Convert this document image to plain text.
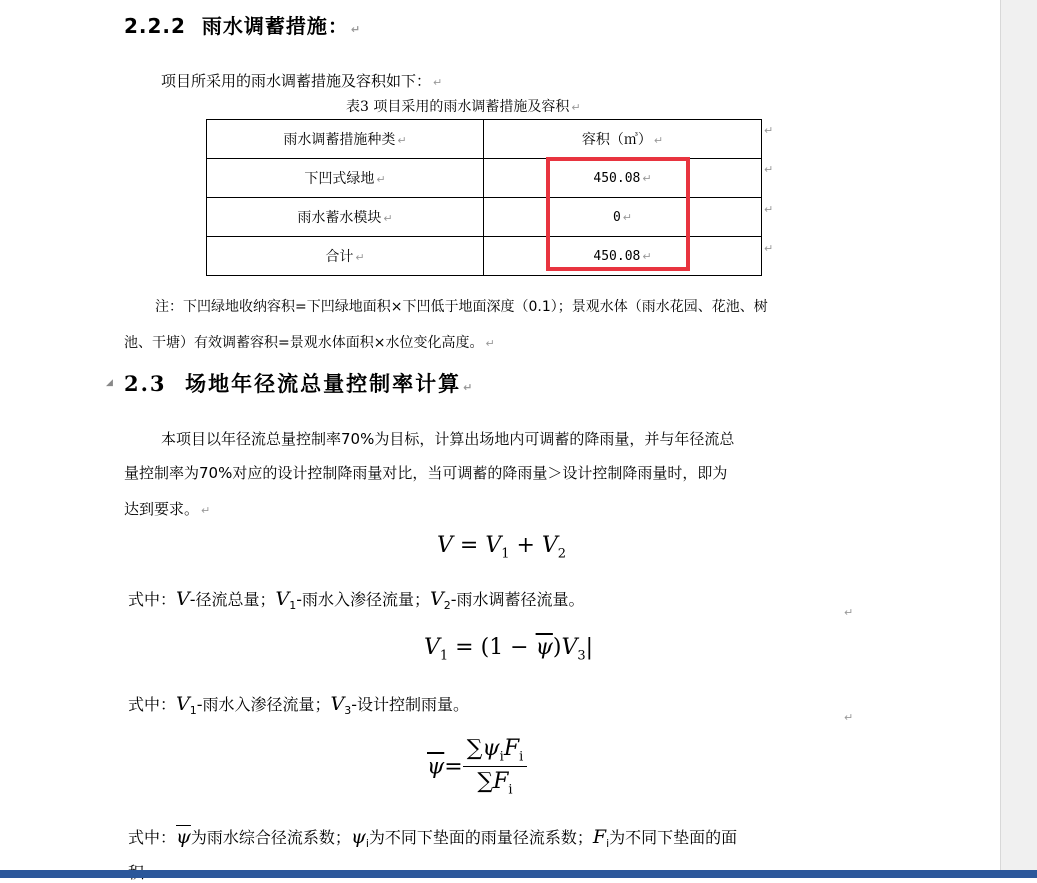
2.2.2 雨水调蓄措施： ↵
项目所采用的雨水调蓄措施及容积如下： ↵
表3 项目采用的雨水调蓄措施及容积 ↵
雨水调蓄措施种类 ↵	容积（㎥） ↵
下凹式绿地 ↵	450.08 ↵
雨水蓄水模块 ↵	0 ↵
合计 ↵	450.08 ↵
↵
↵
↵
↵
注：下凹绿地收纳容积=下凹绿地面积×下凹低于地面深度（0.1）；景观水体（雨水花园、花池、树
池、干塘）有效调蓄容积=景观水体面积×水位变化高度。 ↵
◢ 2.3 场地年径流总量控制率计算 ↵
本项目以年径流总量控制率70%为目标，计算出场地内可调蓄的降雨量，并与年径流总
量控制率为70%对应的设计控制降雨量对比，当可调蓄的降雨量＞设计控制降雨量时，即为
达到要求。 ↵
$V = V_1 + V_2$
式中：V-径流总量；$V_1-$雨水入渗径流量；$V_2-$雨水调蓄径流量。
↵
$V_1 = (1 - \overline{\psi})V_3|$
式中：$V_1-$雨水入渗径流量；$V_3-$设计控制雨量。
↵
$\overline{\psi}= \frac{\sum\psi_iF_i}{\sum F_i}$
式中：$\overline{\psi}$为雨水综合径流系数；$\psi_i$为不同下垫面的雨量径流系数；$F_i$为不同下垫面的面
